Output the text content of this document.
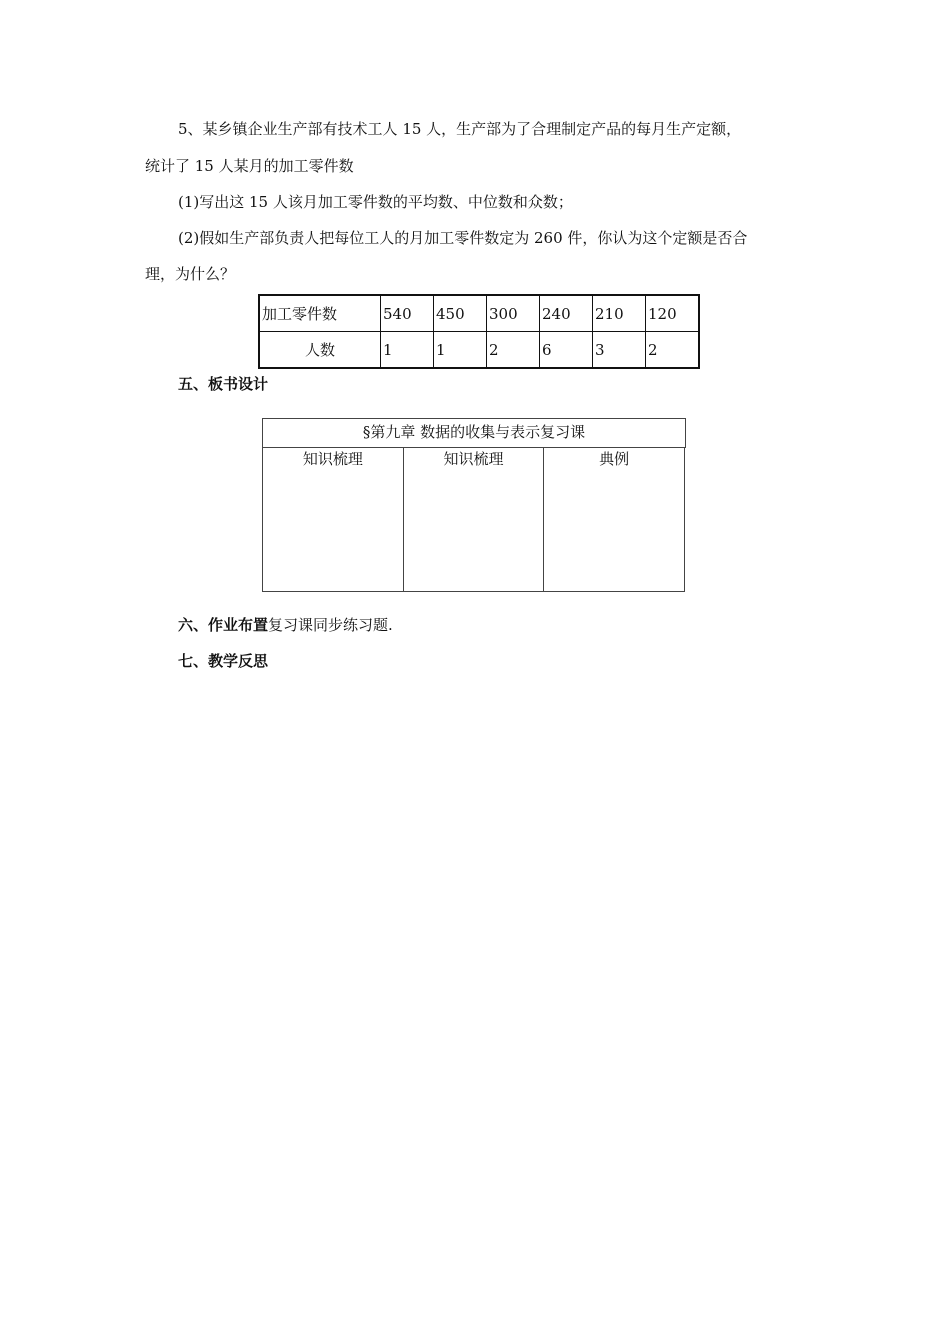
5、某乡镇企业生产部有技术工人 15 人，生产部为了合理制定产品的每月生产定额，
统计了 15 人某月的加工零件数
(1)写出这 15 人该月加工零件数的平均数、中位数和众数；
(2)假如生产部负责人把每位工人的月加工零件数定为 260 件，你认为这个定额是否合
理，为什么？
加工零件数	540	450	300	240	210	120
人数	1	1	2	6	3	2
五、板书设计
§第九章 数据的收集与表示复习课
知识梳理	知识梳理	典例
六、作业布置复习课同步练习题.
七、教学反思
